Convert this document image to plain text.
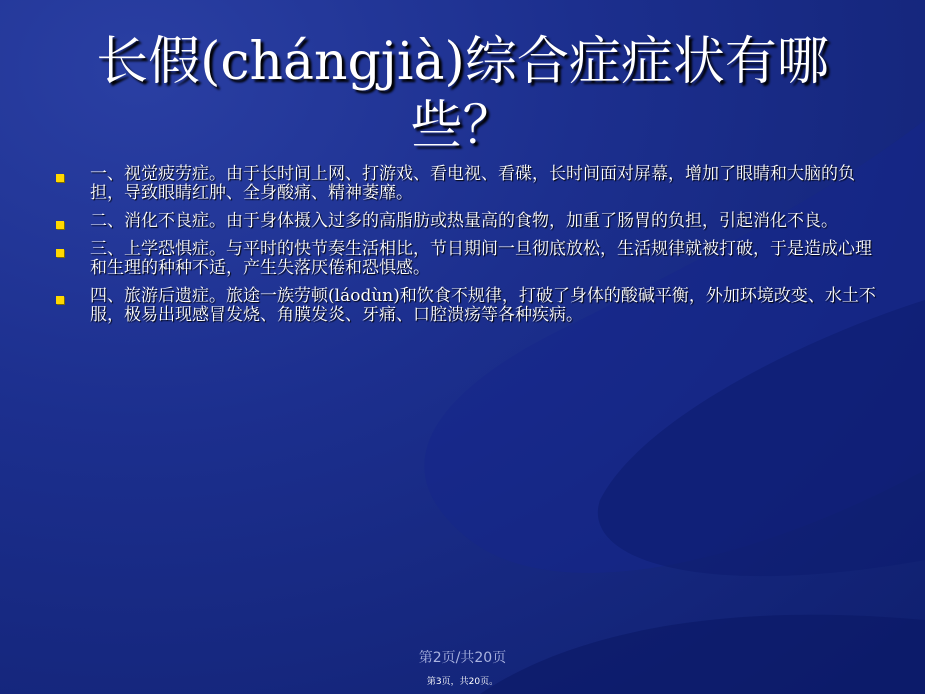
长假(chángjià)综合症症状有哪
些？
一、视觉疲劳症。由于长时间上网、打游戏、看电视、看碟，长时间面对屏幕，增加了眼睛和大脑的负担，导致眼睛红肿、全身酸痛、精神萎靡。
二、消化不良症。由于身体摄入过多的高脂肪或热量高的食物，加重了肠胃的负担，引起消化不良。
三、上学恐惧症。与平时的快节奏生活相比，节日期间一旦彻底放松，生活规律就被打破，于是造成心理和生理的种种不适，产生失落厌倦和恐惧感。
四、旅游后遗症。旅途一族劳顿(láodùn)和饮食不规律，打破了身体的酸碱平衡，外加环境改变、水土不服，极易出现感冒发烧、角膜发炎、牙痛、口腔溃疡等各种疾病。
第2页/共20页
第3页，共20页。
